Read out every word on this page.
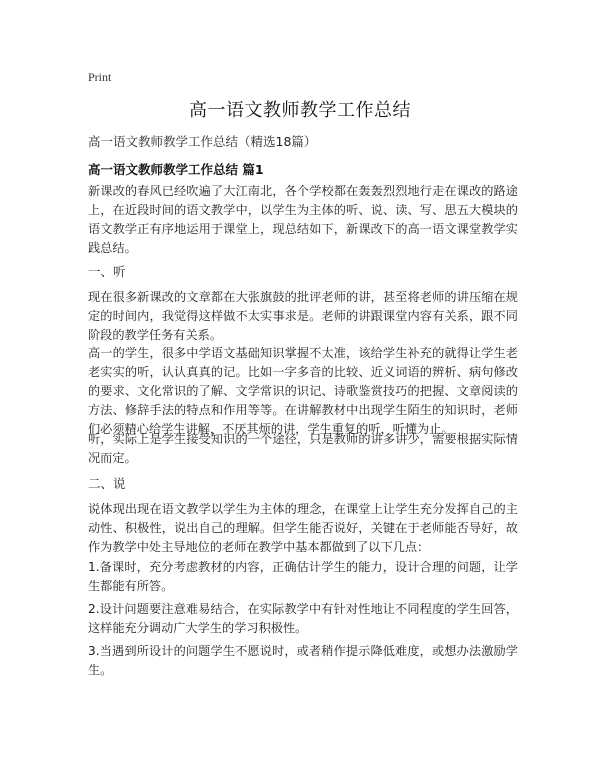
Print
高一语文教师教学工作总结
高一语文教师教学工作总结（精选18篇）
高一语文教师教学工作总结 篇1
新课改的春风已经吹遍了大江南北，各个学校都在轰轰烈烈地行走在课改的路途上，在近段时间的语文教学中，以学生为主体的听、说、读、写、思五大模块的语文教学正有序地运用于课堂上，现总结如下，新课改下的高一语文课堂教学实践总结。
一、听
现在很多新课改的文章都在大张旗鼓的批评老师的讲，甚至将老师的讲压缩在规定的时间内，我觉得这样做不太实事求是。老师的讲跟课堂内容有关系，跟不同阶段的教学任务有关系。
高一的学生，很多中学语文基础知识掌握不太准，该给学生补充的就得让学生老老实实的听，认认真真的记。比如一字多音的比较、近义词语的辨析、病句修改的要求、文化常识的了解、文学常识的识记、诗歌鉴赏技巧的把握、文章阅读的方法、修辞手法的特点和作用等等。在讲解教材中出现学生陌生的知识时，老师们必须精心给学生讲解，不厌其烦的讲，学生重复的听，听懂为止。
听，实际上是学生接受知识的一个途径，只是教师的讲多讲少，需要根据实际情况而定。
二、说
说体现出现在语文教学以学生为主体的理念，在课堂上让学生充分发挥自己的主动性、积极性，说出自己的理解。但学生能否说好，关键在于老师能否导好，故作为教学中处主导地位的老师在教学中基本都做到了以下几点：
1.备课时，充分考虑教材的内容，正确估计学生的能力，设计合理的问题，让学生都能有所答。
2.设计问题要注意难易结合，在实际教学中有针对性地让不同程度的学生回答，这样能充分调动广大学生的学习积极性。
3.当遇到所设计的问题学生不愿说时，或者稍作提示降低难度，或想办法激励学生。
